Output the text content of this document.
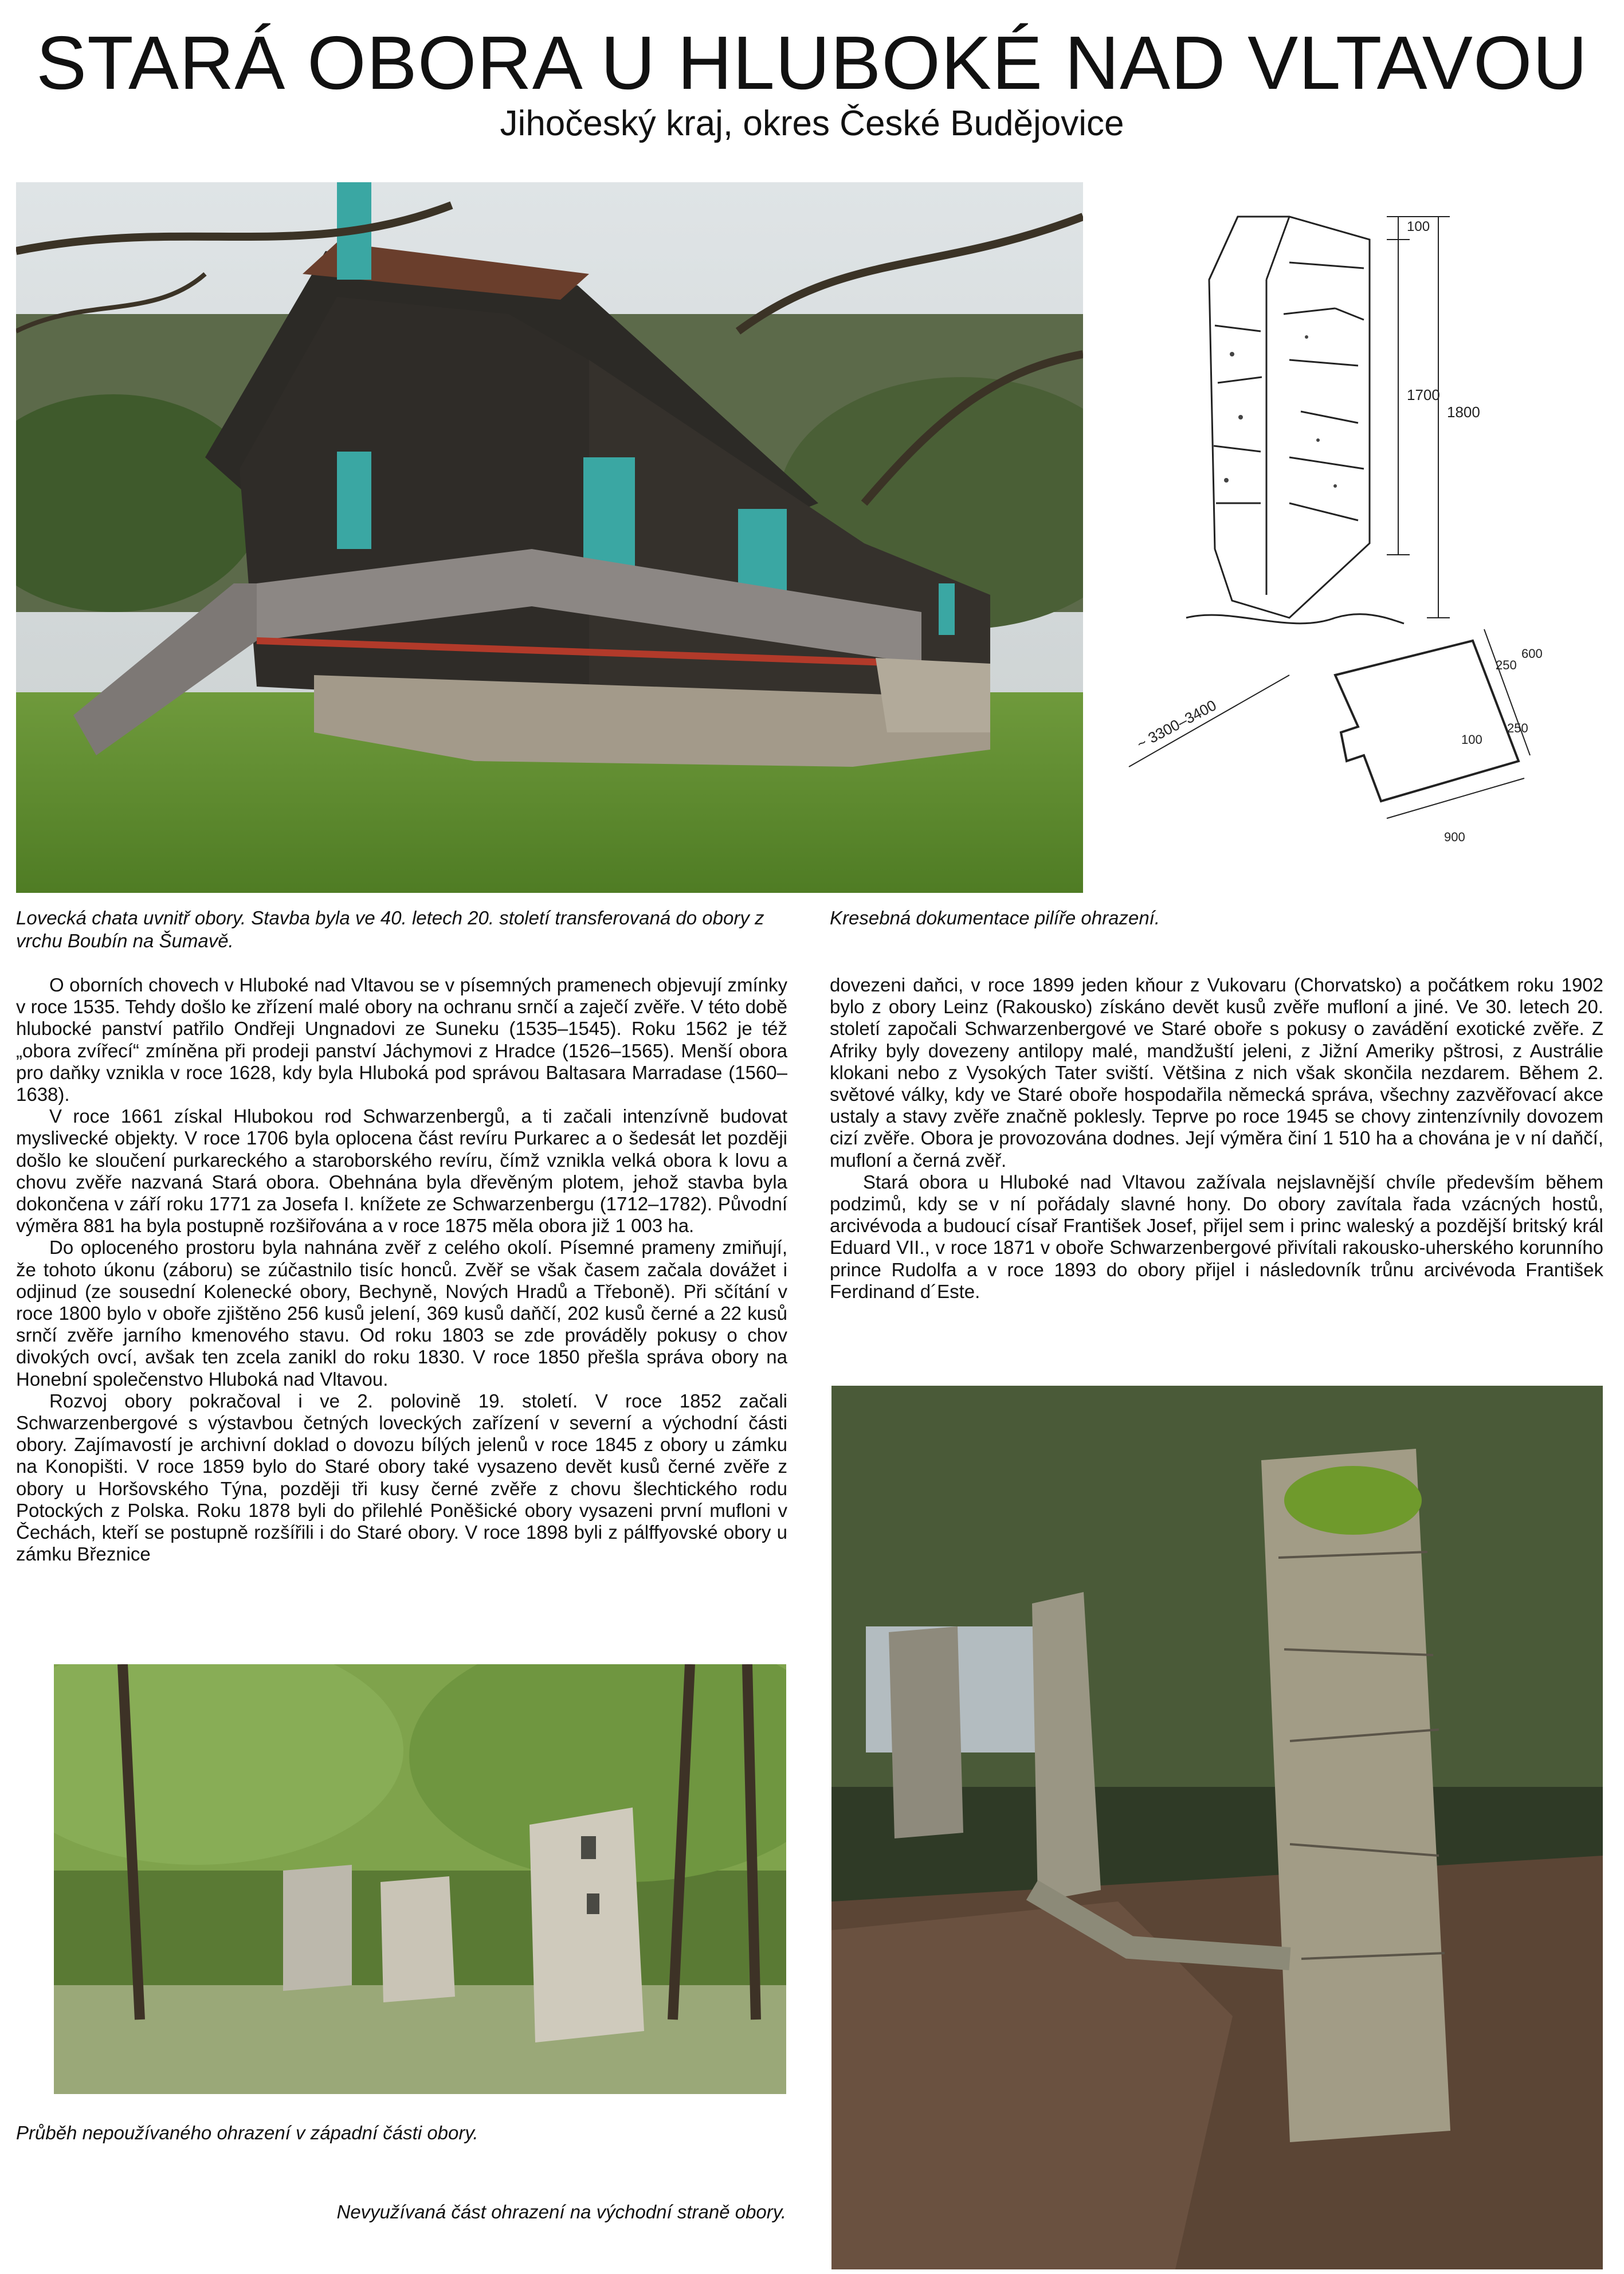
STARÁ OBORA U HLUBOKÉ NAD VLTAVOU
Jihočeský kraj, okres České Budějovice
100
1700
1800
~ 3300–3400
250
600
100
250
900
Lovecká chata uvnitř obory. Stavba byla ve 40. letech 20. století transferovaná do obory z vrchu Boubín na Šumavě.
Kresebná dokumentace pilíře ohrazení.

O oborních chovech v Hluboké nad Vltavou se v písemných pramenech objevují zmínky v roce 1535. Tehdy došlo ke zřízení malé obory na ochranu srnčí a zaječí zvěře. V této době hlubocké panství patřilo Ondřeji Ungnadovi ze Suneku (1535–1545). Roku 1562 je též „obora zvířecí“ zmíněna při prodeji panství Jáchymovi z Hradce (1526–1565). Menší obora pro daňky vznikla v roce 1628, kdy byla Hluboká pod správou Baltasara Marradase (1560–1638).

V roce 1661 získal Hlubokou rod Schwarzenbergů, a ti začali intenzívně budovat myslivecké objekty. V roce 1706 byla oplocena část revíru Purkarec a o šedesát let později došlo ke sloučení purkareckého a staroborského revíru, čímž vznikla velká obora k lovu a chovu zvěře nazvaná Stará obora. Obehnána byla dřevěným plotem, jehož stavba byla dokončena v září roku 1771 za Josefa I. knížete ze Schwarzenbergu (1712–1782). Původní výměra 881 ha byla postupně rozšiřována a v roce 1875 měla obora již 1 003 ha.

Do oploceného prostoru byla nahnána zvěř z celého okolí. Písemné prameny zmiňují, že tohoto úkonu (záboru) se zúčastnilo tisíc honců. Zvěř se však časem začala dovážet i odjinud (ze sousední Kolenecké obory, Bechyně, Nových Hradů a Třeboně). Při sčítání v roce 1800 bylo v oboře zjištěno 256 kusů jelení, 369 kusů daňčí, 202 kusů černé a 22 kusů srnčí zvěře jarního kmenového stavu. Od roku 1803 se zde prováděly pokusy o chov divokých ovcí, avšak ten zcela zanikl do roku 1830. V roce 1850 přešla správa obory na Honební společenstvo Hluboká nad Vltavou.

Rozvoj obory pokračoval i ve 2. polovině 19. století. V roce 1852 začali Schwarzenbergové s výstavbou četných loveckých zařízení v severní a východní části obory. Zajímavostí je archivní doklad o dovozu bílých jelenů v roce 1845 z obory u zámku na Konopišti. V roce 1859 bylo do Staré obory také vysazeno devět kusů černé zvěře z obory u Horšovského Týna, později tři kusy černé zvěře z chovu šlechtického rodu Potockých z Polska. Roku 1878 byli do přilehlé Poněšické obory vysazeni první mufloni v Čechách, kteří se postupně rozšířili i do Staré obory. V roce 1898 byli z pálffyovské obory u zámku Březnice

dovezeni daňci, v roce 1899 jeden kňour z Vukovaru (Chorvatsko) a počátkem roku 1902 bylo z obory Leinz (Rakousko) získáno devět kusů zvěře mufloní a jiné. Ve 30. letech 20. století započali Schwarzenbergové ve Staré oboře s pokusy o zavádění exotické zvěře. Z Afriky byly dovezeny antilopy malé, mandžuští jeleni, z Jižní Ameriky pštrosi, z Austrálie klokani nebo z Vysokých Tater sviští. Většina z nich však skončila nezdarem. Během 2. světové války, kdy ve Staré oboře hospodařila německá správa, všechny zazvěřovací akce ustaly a stavy zvěře značně poklesly. Teprve po roce 1945 se chovy zintenzívnily dovozem cizí zvěře. Obora je provozována dodnes. Její výměra činí 1 510 ha a chována je v ní daňčí, mufloní a černá zvěř.

Stará obora u Hluboké nad Vltavou zažívala nejslavnější chvíle především během podzimů, kdy se v ní pořádaly slavné hony. Do obory zavítala řada vzácných hostů, arcivévoda a budoucí císař František Josef, přijel sem i princ waleský a pozdější britský král Eduard VII., v roce 1871 v oboře Schwarzenbergové přivítali rakousko-uherského korunního prince Rudolfa a v roce 1893 do obory přijel i následovník trůnu arcivévoda František Ferdinand d´Este.

Průběh nepoužívaného ohrazení v západní části obory.
Nevyužívaná část ohrazení na východní straně obory.
